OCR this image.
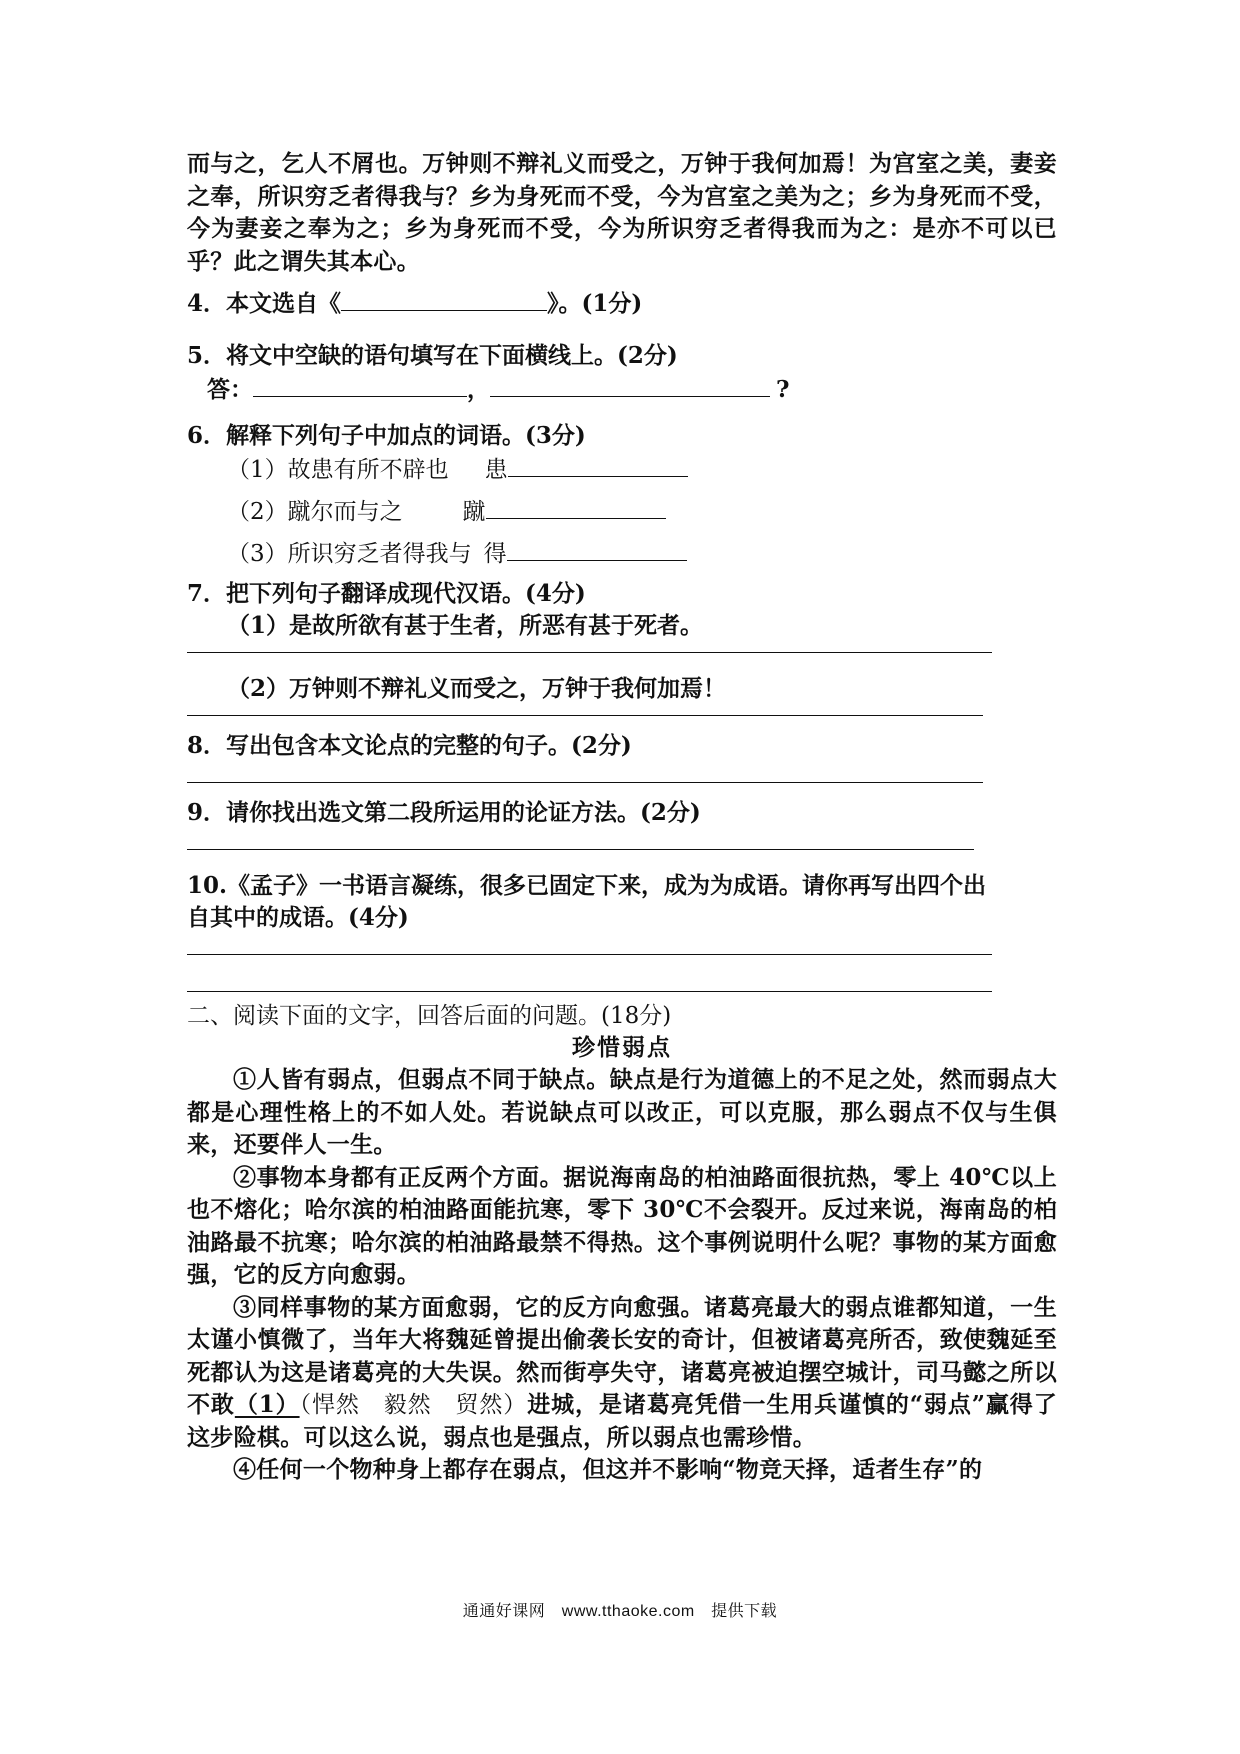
而与之，乞人不屑也。万钟则不辩礼义而受之，万钟于我何加焉！为宫室之美，妻妾之奉，所识穷乏者得我与？乡为身死而不受，今为宫室之美为之；乡为身死而不受，今为妻妾之奉为之；乡为身死而不受，今为所识穷乏者得我而为之：是亦不可以已乎？此之谓失其本心。

4．本文选自《	》。(1分)

5．将文中空缺的语句填写在下面横线上。(2分)

答：	，	?

6．解释下列句子中加点的词语。(3分)

（1）故患有所不辟也 患

（2）蹴尔而与之	蹴

（3）所识穷乏者得我与 得

7．把下列句子翻译成现代汉语。(4分)

（1）是故所欲有甚于生者，所恶有甚于死者。

（2）万钟则不辩礼义而受之，万钟于我何加焉！

8．写出包含本文论点的完整的句子。(2分)

9．请你找出选文第二段所运用的论证方法。(2分)

10.《孟子》一书语言凝练，很多已固定下来，成为为成语。请你再写出四个出

自其中的成语。(4分)

二、阅读下面的文字，回答后面的问题。(18分)

珍惜弱点

①人皆有弱点，但弱点不同于缺点。缺点是行为道德上的不足之处，然而弱点大都是心理性格上的不如人处。若说缺点可以改正，可以克服，那么弱点不仅与生俱来，还要伴人一生。

②事物本身都有正反两个方面。据说海南岛的柏油路面很抗热，零上 40℃以上也不熔化；哈尔滨的柏油路面能抗寒，零下 30℃不会裂开。反过来说，海南岛的柏油路最不抗寒；哈尔滨的柏油路最禁不得热。这个事例说明什么呢？事物的某方面愈强，它的反方向愈弱。

③同样事物的某方面愈弱，它的反方向愈强。诸葛亮最大的弱点谁都知道，一生太谨小慎微了，当年大将魏延曾提出偷袭长安的奇计，但被诸葛亮所否，致使魏延至死都认为这是诸葛亮的大失误。然而街亭失守，诸葛亮被迫摆空城计，司马懿之所以不敢（1）（悍然　毅然　贸然）进城，是诸葛亮凭借一生用兵谨慎的“弱点”赢得了这步险棋。可以这么说，弱点也是强点，所以弱点也需珍惜。

④任何一个物种身上都存在弱点，但这并不影响“物竞天择，适者生存”的

通通好课网　www.tthaoke.com　提供下载
